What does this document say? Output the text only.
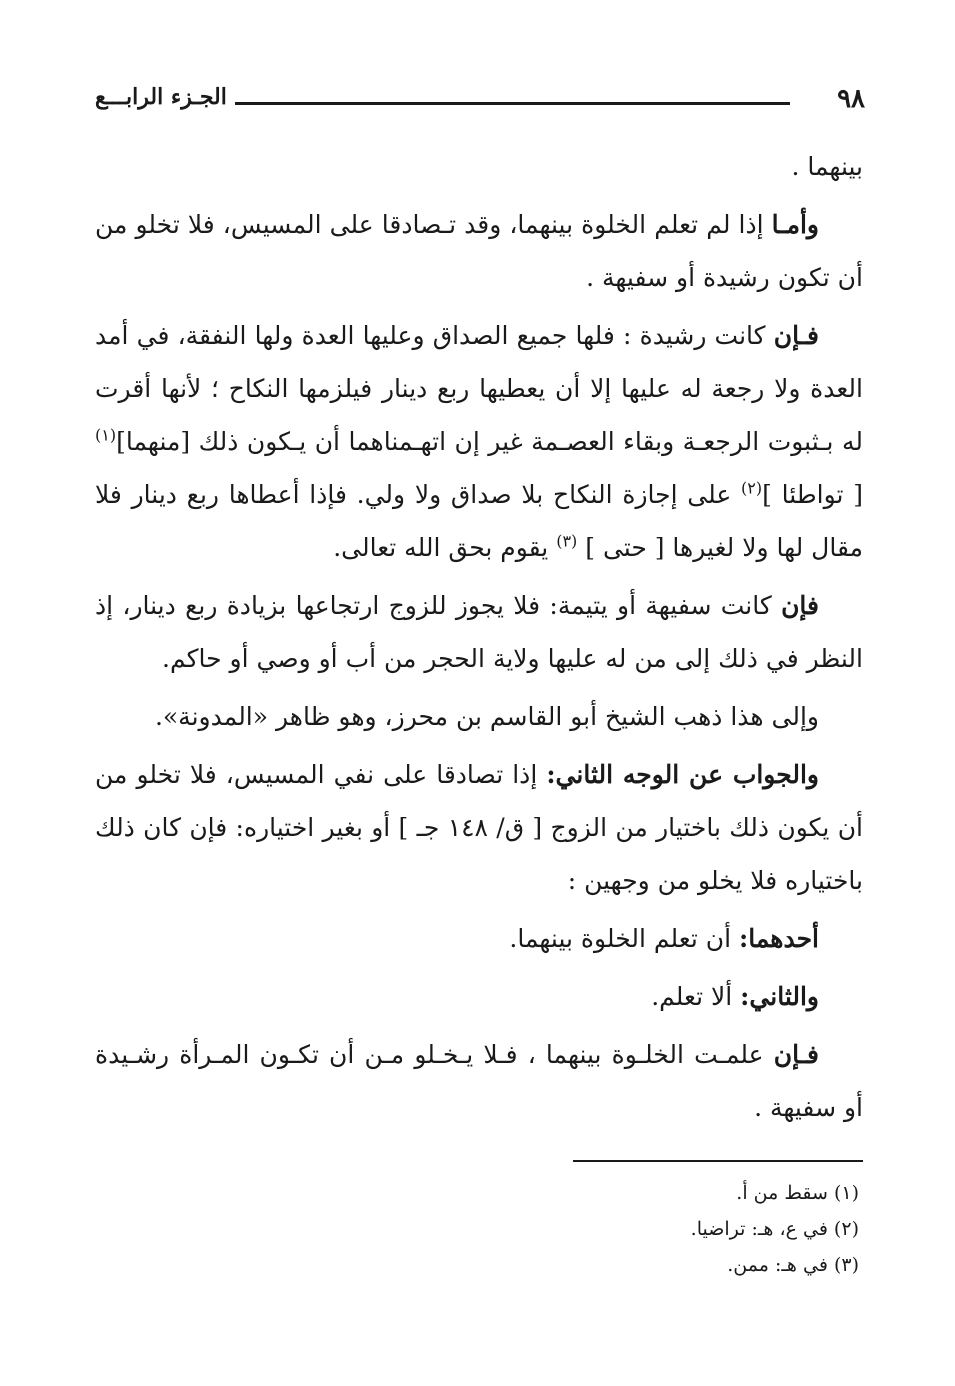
٩٨
الجـزء الرابـــع

بينهما .

وأمـا إذا لم تعلم الخلوة بينهما، وقد تـصادقا على المسيس، فلا تخلو من أن تكون رشيدة أو سفيهة .

فـإن كانت رشيدة : فلها جميع الصداق وعليها العدة ولها النفقة، في أمد العدة ولا رجعة له عليها إلا أن يعطيها ربع دينار فيلزمها النكاح ؛ لأنها أقرت له بـثبوت الرجعـة وبقاء العصـمة غير إن اتهـمناهما أن يـكون ذلك [منهما]$^{(١)}$ [ تواطئا ]$^{(٢)}$ على إجازة النكاح بلا صداق ولا ولي. فإذا أعطاها ربع دينار فلا مقال لها ولا لغيرها [ حتى ] $^{(٣)}$ يقوم بحق الله تعالى.

فإن كانت سفيهة أو يتيمة: فلا يجوز للزوج ارتجاعها بزيادة ربع دينار، إذ النظر في ذلك إلى من له عليها ولاية الحجر من أب أو وصي أو حاكم.

وإلى هذا ذهب الشيخ أبو القاسم بن محرز، وهو ظاهر «المدونة».

والجواب عن الوجه الثاني: إذا تصادقا على نفي المسيس، فلا تخلو من أن يكون ذلك باختيار من الزوج [ ق/ ١٤٨ جـ ] أو بغير اختياره: فإن كان ذلك باختياره فلا يخلو من وجهين :

أحدهما: أن تعلم الخلوة بينهما.

والثاني: ألا تعلم.

فـإن علمـت الخلـوة بينهما ، فـلا يـخـلو مـن أن تكـون المـرأة رشـيدة أو سفيهة .

(١) سقط من أ.

(٢) في ع، هـ: تراضيا.

(٣) في هـ: ممن.
